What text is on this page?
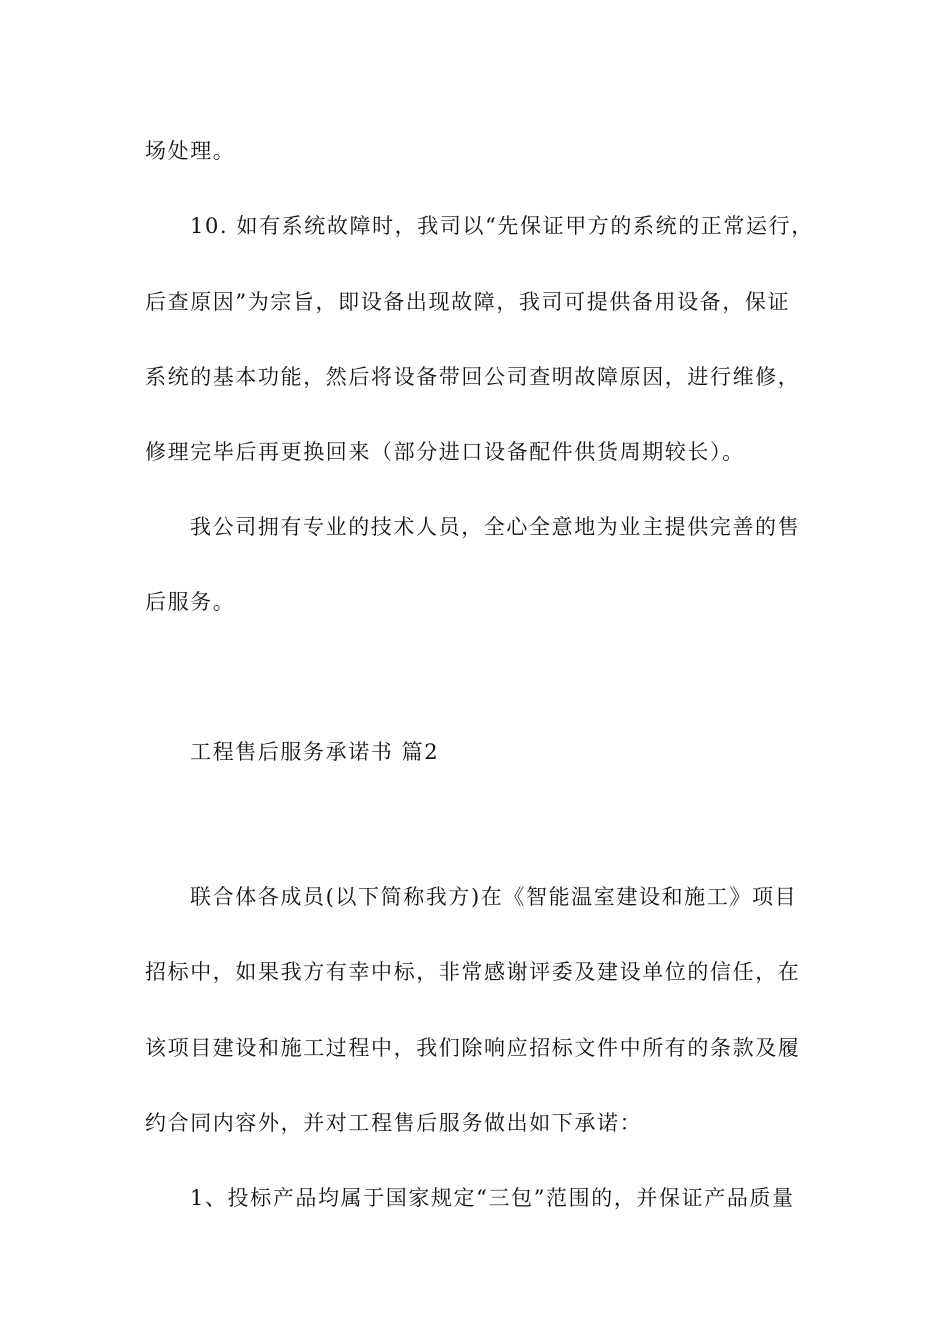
场处理。
10. 如有系统故障时，我司以“先保证甲方的系统的正常运行，
后查原因”为宗旨，即设备出现故障，我司可提供备用设备，保证
系统的基本功能，然后将设备带回公司查明故障原因，进行维修，
修理完毕后再更换回来（部分进口设备配件供货周期较长）。
我公司拥有专业的技术人员，全心全意地为业主提供完善的售
后服务。
工程售后服务承诺书 篇2
联合体各成员(以下简称我方)在《智能温室建设和施工》项目
招标中，如果我方有幸中标，非常感谢评委及建设单位的信任，在
该项目建设和施工过程中，我们除响应招标文件中所有的条款及履
约合同内容外，并对工程售后服务做出如下承诺：
1、投标产品均属于国家规定“三包”范围的，并保证产品质量
